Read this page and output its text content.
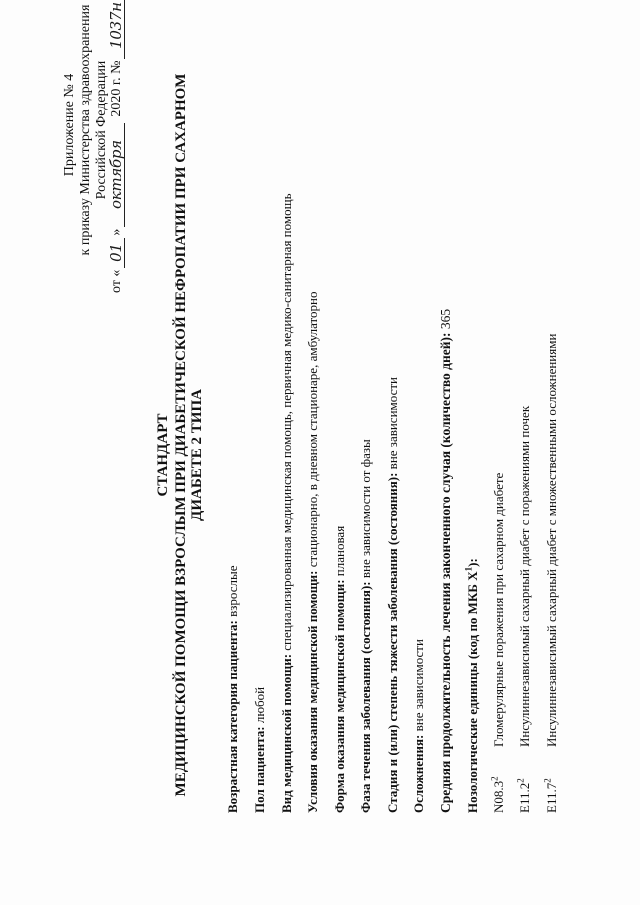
Приложение № 4 к приказу Министерства здравоохранения Российской Федерации
от «
01
»
октября
2020 г. №
1037н
СТАНДАРТ МЕДИЦИНСКОЙ ПОМОЩИ ВЗРОСЛЫМ ПРИ ДИАБЕТИЧЕСКОЙ НЕФРОПАТИИ ПРИ САХАРНОМ ДИАБЕТЕ 2 ТИПА
Возрастная категория пациента: взрослые
Пол пациента: любой Вид медицинской помощи: специализированная медицинская помощь, первичная медико-санитарная помощь
Условия оказания медицинской помощи: стационарно, в дневном стационаре, амбулаторно
Форма оказания медицинской помощи: плановая
Фаза течения заболевания (состояния): вне зависимости от фазы Стадия и (или) степень тяжести заболевания (состояния): вне зависимости
Осложнения: вне зависимости Средняя продолжительность лечения законченного случая (количество дней): 365
Нозологические единицы (код по МКБ $X^1$):
N08.3$^2$
Гломерулярные поражения при сахарном диабете
E11.2$^2$
Инсулиннезависимый сахарный диабет с поражениями почек
E11.7$^2$
Инсулиннезависимый сахарный диабет с множественными осложнениями
